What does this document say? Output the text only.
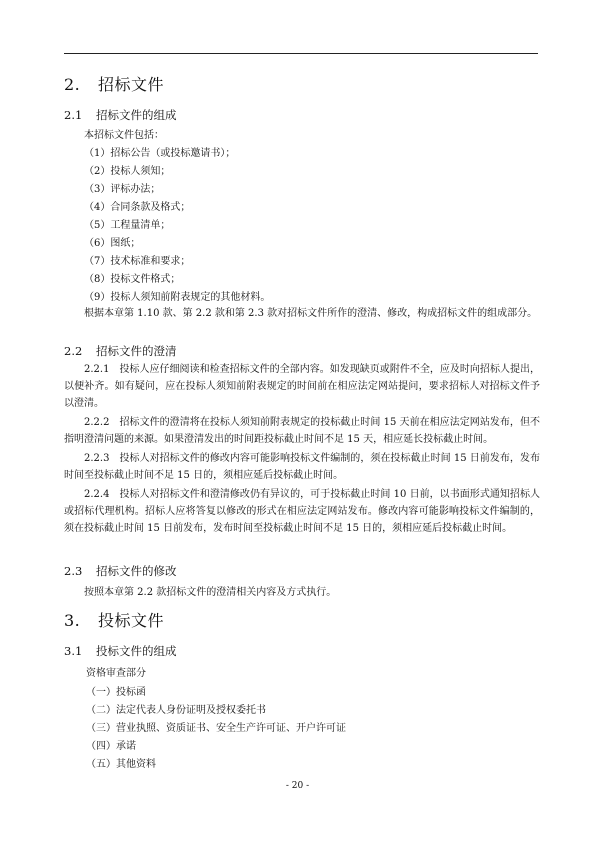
2. 招标文件
2.1 招标文件的组成
本招标文件包括：
（1）招标公告（或投标邀请书）；
（2）投标人须知；
（3）评标办法；
（4）合同条款及格式；
（5）工程量清单；
（6）图纸；
（7）技术标准和要求；
（8）投标文件格式；
（9）投标人须知前附表规定的其他材料。
根据本章第 1.10 款、第 2.2 款和第 2.3 款对招标文件所作的澄清、修改，构成招标文件的组成部分。
2.2 招标文件的澄清
2.2.1　投标人应仔细阅读和检查招标文件的全部内容。如发现缺页或附件不全，应及时向招标人提出，以便补齐。如有疑问，应在投标人须知前附表规定的时间前在相应法定网站提问，要求招标人对招标文件予以澄清。
2.2.2　招标文件的澄清将在投标人须知前附表规定的投标截止时间 15 天前在相应法定网站发布，但不指明澄清问题的来源。如果澄清发出的时间距投标截止时间不足 15 天，相应延长投标截止时间。
2.2.3　投标人对招标文件的修改内容可能影响投标文件编制的，须在投标截止时间 15 日前发布，发布时间至投标截止时间不足 15 日的，须相应延后投标截止时间。
2.2.4　投标人对招标文件和澄清修改仍有异议的，可于投标截止时间 10 日前，以书面形式通知招标人或招标代理机构。招标人应将答复以修改的形式在相应法定网站发布。修改内容可能影响投标文件编制的，须在投标截止时间 15 日前发布，发布时间至投标截止时间不足 15 日的，须相应延后投标截止时间。
2.3 招标文件的修改
按照本章第 2.2 款招标文件的澄清相关内容及方式执行。
3. 投标文件
3.1 投标文件的组成
资格审查部分
（一）投标函
（二）法定代表人身份证明及授权委托书
（三）营业执照、资质证书、安全生产许可证、开户许可证
（四）承诺
（五）其他资料
- 20 -
